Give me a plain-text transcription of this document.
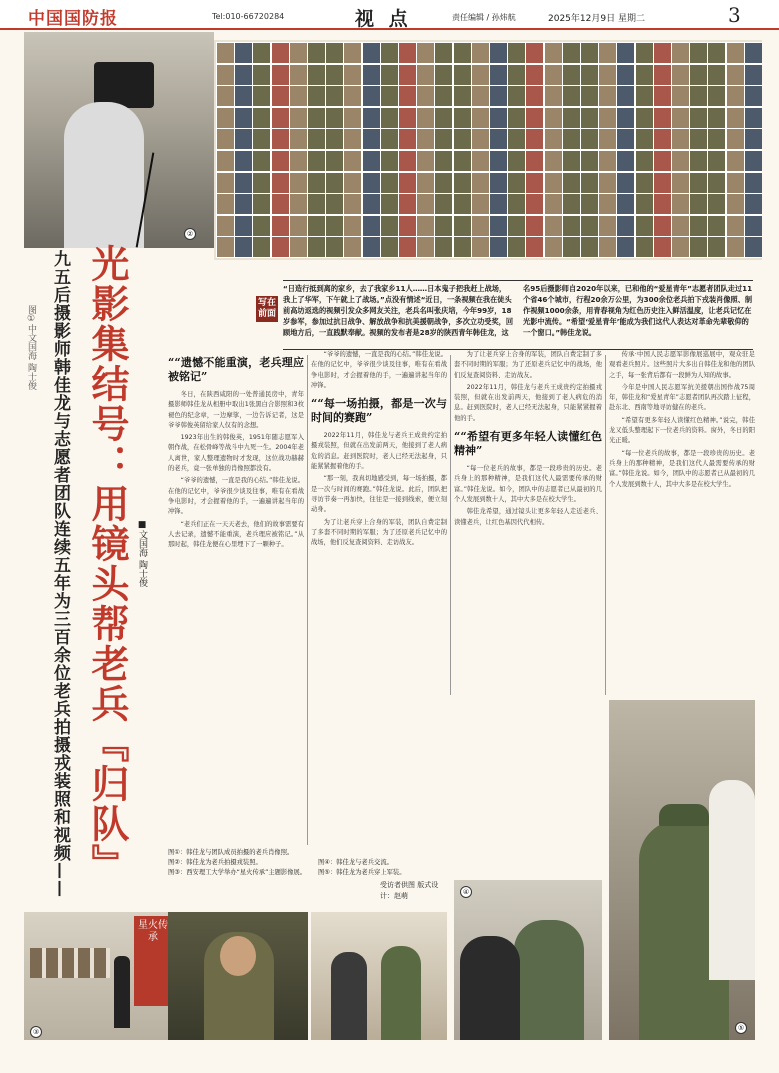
中国国防报	Tel:010-66720284	视 点	责任编辑 / 孙炜航	2025年12月9日 星期二	3
②
光影集结号：用镜头帮老兵『归队』
九五后摄影师韩佳龙与志愿者团队连续五年为三百余位老兵拍摄戎装照和视频——	■文国海 陶士俊
图①中文国海 陶士俊
写在前面
“日造行抵到离的家乡，去了我家乡11人……日本鬼子把我赶上战场，我上了华军，下午就上了战场。”点没有情述“近日，一条视频在我在徒头前高坊返选的视频引发众多网友关注，老兵名叫张庆培，今年99岁，18岁参军，参加过抗日战争、解放战争和抗美援朝战争，多次立功受奖，回顾地方后，一直践默奉献。视频的发布者是28岁的陕西青年韩佳龙，这名95后摄影师自2020年以来，已和他的“爱星青年”志愿者团队走过11个省46个城市，行程20余万公里，为300余位老兵拍下戎装肖像照、制作视频1000余条，用青春视角为红色历史注入鲜活温度，让老兵记忆在光影中流传。“希望‘爱星青年’能成为我们这代人表达对革命先辈敬仰的一个窗口。”韩佳龙说。
“ “遗憾不能重演，老兵理应被铭记”

冬日，在陕西咸阳的一处普通民房中，青年摄影师韩佳龙从相册中取出1张黑白合影照和3枚褪色的纪念章，一边摩挲，一边告诉记者，这是爷爷韩俊英留给家人仅有的念想。

1923年出生的韩俊英，1951年随志愿军入朝作战，在松骨峰等战斗中九死一生。2004年老人离世，家人整理遗物时才发现，这位战功赫赫的老兵，竟一张单独的肖像照都没有。

“爷爷的遗憾，一直是我的心结。”韩佳龙说。在他的记忆中，爷爷很少谈及往事，唯有在看战争电影时，才会握着他的手，一遍遍讲起当年的冲锋。

“老兵们正在一天天老去，他们的故事需要有人去记录，遗憾不能重演，老兵理应被铭记。”从那时起，韩佳龙便在心里埋下了一颗种子。

“爷爷的遗憾，一直是我的心结。”韩佳龙说。在他的记忆中，爷爷很少谈及往事，唯有在看战争电影时，才会握着他的手，一遍遍讲起当年的冲锋。

“ “每一场拍摄，都是一次与时间的赛跑”

2022年11月，韩佳龙与老兵王成贵约定拍摄戎装照，但就在出发前两天，他接到了老人病危的消息。赶到医院时，老人已经无法起身，只能紧紧握着他的手。

“那一刻，我真切地感受到，每一场拍摄，都是一次与时间的赛跑。”韩佳龙说。此后，团队把寻访节奏一再加快，往往是一接到线索，便立刻动身。

为了让老兵穿上合身的军装，团队自费定制了多套不同时期的军服；为了还原老兵记忆中的战场，他们反复查阅资料、走访战友。

为了让老兵穿上合身的军装，团队自费定制了多套不同时期的军服；为了还原老兵记忆中的战场，他们反复查阅资料、走访战友。

2022年11月，韩佳龙与老兵王成贵约定拍摄戎装照，但就在出发前两天，他接到了老人病危的消息。赶到医院时，老人已经无法起身，只能紧紧握着他的手。

“ “希望有更多年轻人读懂红色精神”

“每一位老兵的故事，都是一段珍贵的历史。老兵身上的那种精神，是我们这代人最需要传承的财富。”韩佳龙说。如今，团队中的志愿者已从最初的几个人发展到数十人，其中大多是在校大学生。

韩佳龙希望，通过镜头让更多年轻人走近老兵、读懂老兵，让红色基因代代相传。

传承·中国人民志愿军影像展巡展中，观众驻足观看老兵照片。这些照片大多出自韩佳龙和他的团队之手，每一张背后都有一段鲜为人知的故事。

今年是中国人民志愿军抗美援朝出国作战75周年，韩佳龙和“爱星青年”志愿者团队再次踏上征程，赴东北、西南等地寻访健在的老兵。

“希望有更多年轻人读懂红色精神。”说完，韩佳龙又低头整理起下一位老兵的资料。窗外，冬日的阳光正暖。

“每一位老兵的故事，都是一段珍贵的历史。老兵身上的那种精神，是我们这代人最需要传承的财富。”韩佳龙说。如今，团队中的志愿者已从最初的几个人发展到数十人，其中大多是在校大学生。

图①：韩佳龙与团队成员拍摄的老兵肖像照。
图②：韩佳龙为老兵拍摄戎装照。
图③：西安理工大学举办“星火传承”主题影像展。
图④：韩佳龙与老兵交流。
图⑤：韩佳龙为老兵穿上军装。
受访者供图 版式设计：赵萌
星火传承
③
④
⑤
